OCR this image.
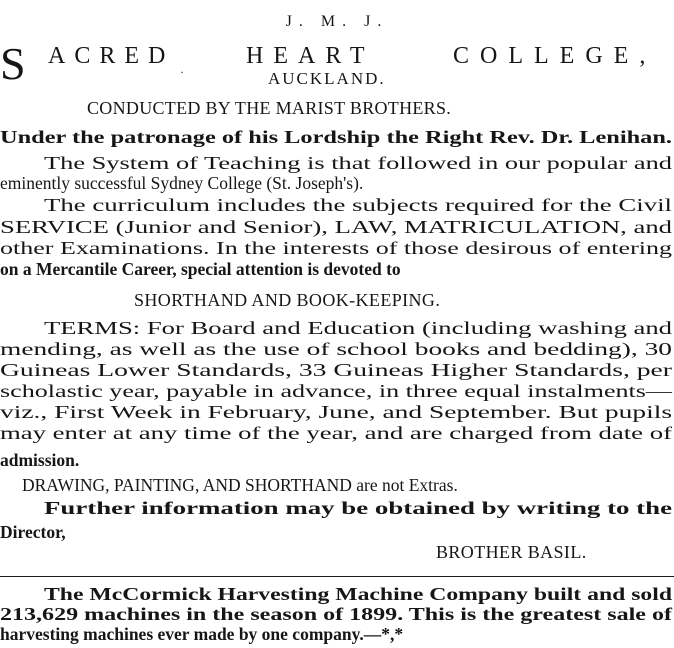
J. M. J.
S ACRED	HEART	COLLEGE,
·	AUCKLAND.
CONDUCTED BY THE MARIST BROTHERS.
Under the patronage of his Lordship the Right Rev. Dr. Lenihan.
The System of Teaching is that followed in our popular and
eminently successful Sydney College (St. Joseph's).
The curriculum includes the subjects required for the Civil
SERVICE (Junior and Senior), LAW, MATRICULATION, and
other Examinations. In the interests of those desirous of entering
on a Mercantile Career, special attention is devoted to
SHORTHAND AND BOOK-KEEPING.
TERMS: For Board and Education (including washing and
mending, as well as the use of school books and bedding), 30
Guineas Lower Standards, 33 Guineas Higher Standards, per
scholastic year, payable in advance, in three equal instalments—
viz., First Week in February, June, and September. But pupils
may enter at any time of the year, and are charged from date of
admission.
DRAWING, PAINTING, AND SHORTHAND are not Extras.
Further information may be obtained by writing to the
Director,
BROTHER BASIL.
The McCormick Harvesting Machine Company built and sold
213,629 machines in the season of 1899. This is the greatest sale of
harvesting machines ever made by one company.—*,*
